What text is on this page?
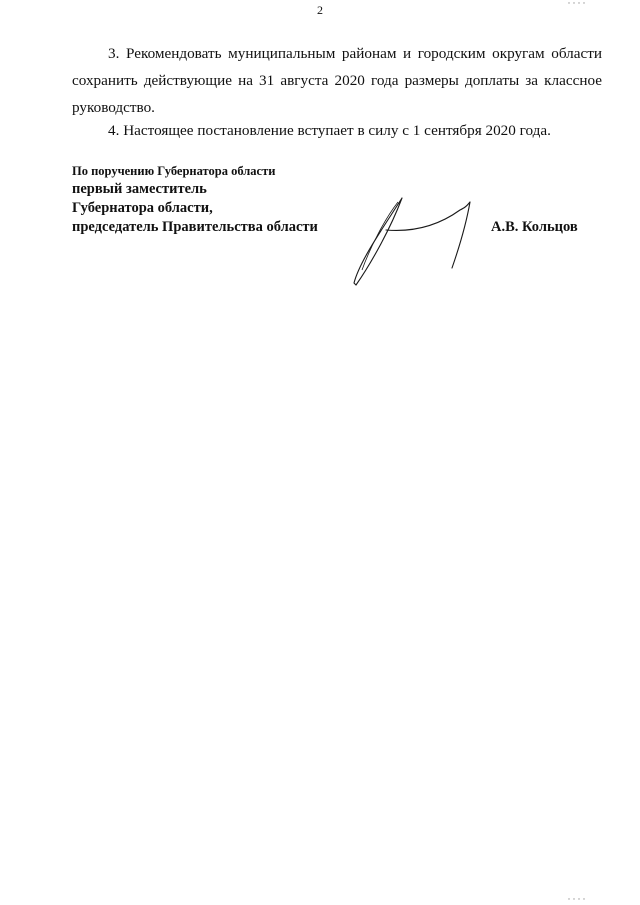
2

3. Рекомендовать муниципальным районам и городским округам области сохранить действующие на 31 августа 2020 года размеры доплаты за классное руководство.

4. Настоящее постановление вступает в силу с 1 сентября 2020 года.

По поручению Губернатора области
первый заместитель
Губернатора области,
председатель Правительства области	А.В. Кольцов
